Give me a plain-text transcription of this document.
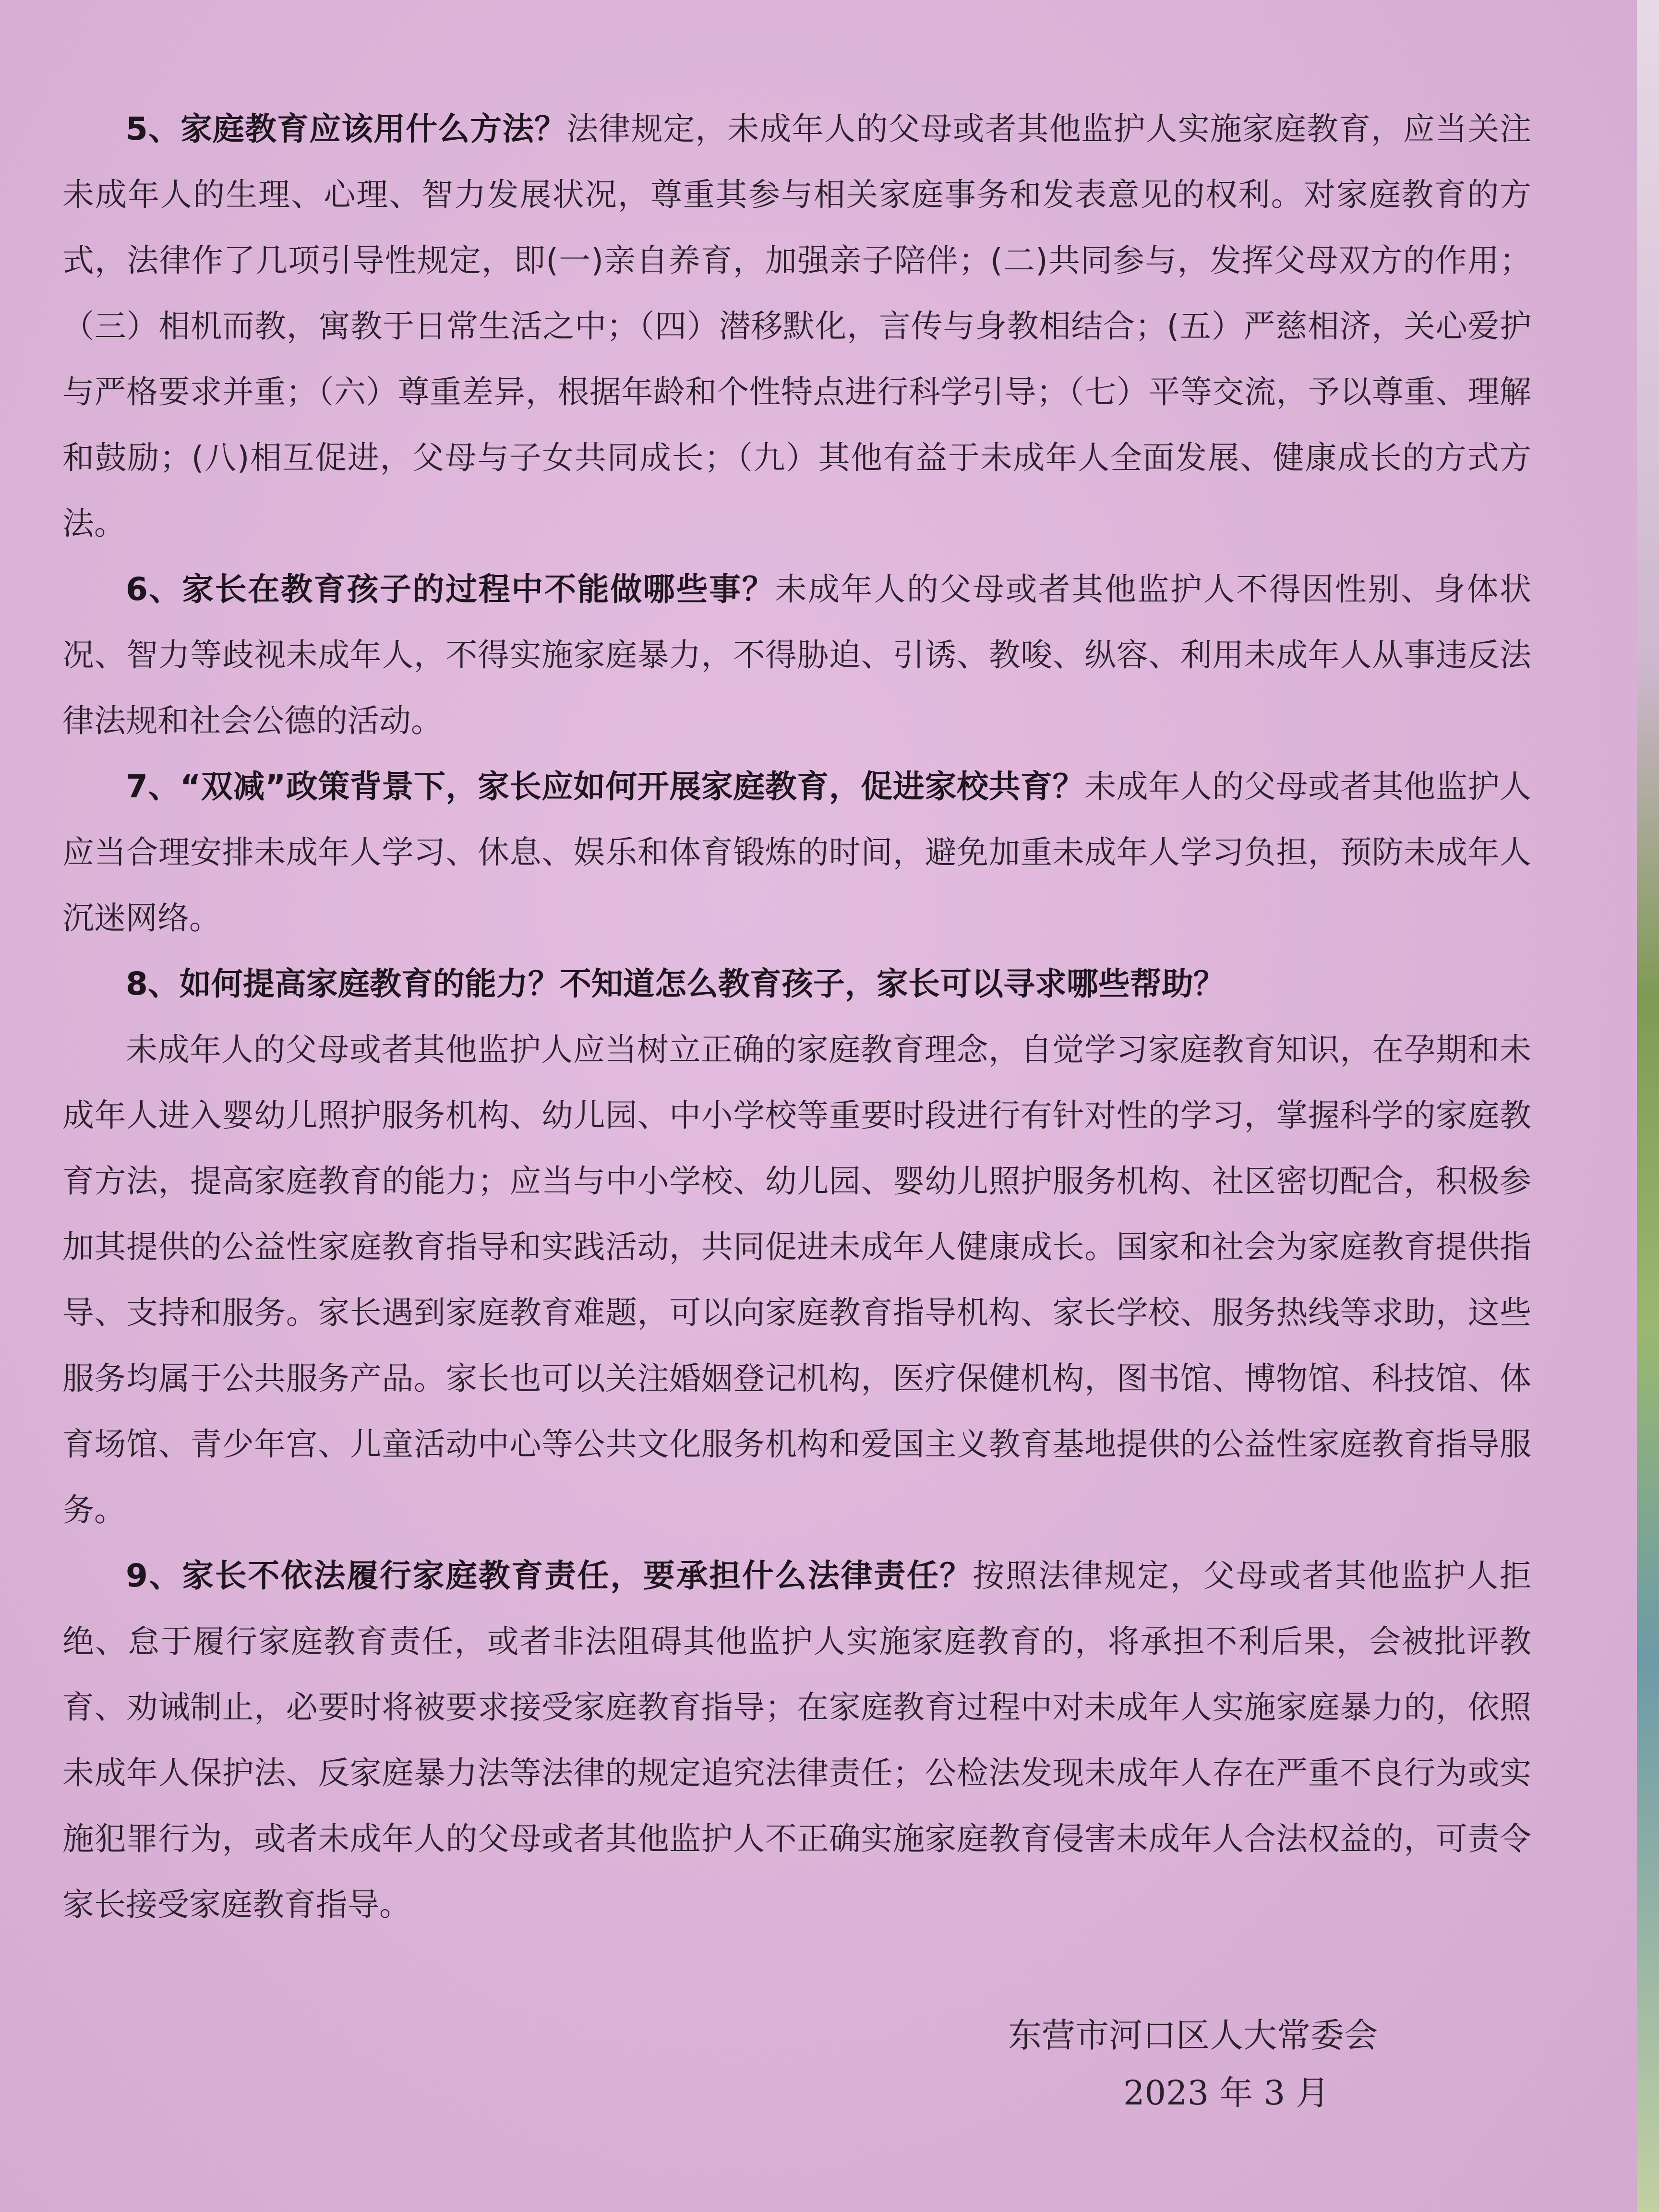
5、家庭教育应该用什么方法？法律规定，未成年人的父母或者其他监护人实施家庭教育，应当关注未成年人的生理、心理、智力发展状况，尊重其参与相关家庭事务和发表意见的权利。对家庭教育的方式，法律作了几项引导性规定，即(一)亲自养育，加强亲子陪伴；(二)共同参与，发挥父母双方的作用；（三）相机而教，寓教于日常生活之中；（四）潜移默化，言传与身教相结合；(五）严慈相济，关心爱护与严格要求并重；（六）尊重差异，根据年龄和个性特点进行科学引导；（七）平等交流，予以尊重、理解和鼓励；(八)相互促进，父母与子女共同成长；（九）其他有益于未成年人全面发展、健康成长的方式方法。

6、家长在教育孩子的过程中不能做哪些事？未成年人的父母或者其他监护人不得因性别、身体状况、智力等歧视未成年人，不得实施家庭暴力，不得胁迫、引诱、教唆、纵容、利用未成年人从事违反法律法规和社会公德的活动。

7、“双减”政策背景下，家长应如何开展家庭教育，促进家校共育？未成年人的父母或者其他监护人应当合理安排未成年人学习、休息、娱乐和体育锻炼的时间，避免加重未成年人学习负担，预防未成年人沉迷网络。

8、如何提高家庭教育的能力？不知道怎么教育孩子，家长可以寻求哪些帮助？

未成年人的父母或者其他监护人应当树立正确的家庭教育理念，自觉学习家庭教育知识，在孕期和未成年人进入婴幼儿照护服务机构、幼儿园、中小学校等重要时段进行有针对性的学习，掌握科学的家庭教育方法，提高家庭教育的能力；应当与中小学校、幼儿园、婴幼儿照护服务机构、社区密切配合，积极参加其提供的公益性家庭教育指导和实践活动，共同促进未成年人健康成长。国家和社会为家庭教育提供指导、支持和服务。家长遇到家庭教育难题，可以向家庭教育指导机构、家长学校、服务热线等求助，这些服务均属于公共服务产品。家长也可以关注婚姻登记机构，医疗保健机构，图书馆、博物馆、科技馆、体育场馆、青少年宫、儿童活动中心等公共文化服务机构和爱国主义教育基地提供的公益性家庭教育指导服务。

9、家长不依法履行家庭教育责任，要承担什么法律责任？按照法律规定，父母或者其他监护人拒绝、怠于履行家庭教育责任，或者非法阻碍其他监护人实施家庭教育的，将承担不利后果，会被批评教育、劝诫制止，必要时将被要求接受家庭教育指导；在家庭教育过程中对未成年人实施家庭暴力的，依照未成年人保护法、反家庭暴力法等法律的规定追究法律责任；公检法发现未成年人存在严重不良行为或实施犯罪行为，或者未成年人的父母或者其他监护人不正确实施家庭教育侵害未成年人合法权益的，可责令家长接受家庭教育指导。

东营市河口区人大常委会
2023 年 3 月
